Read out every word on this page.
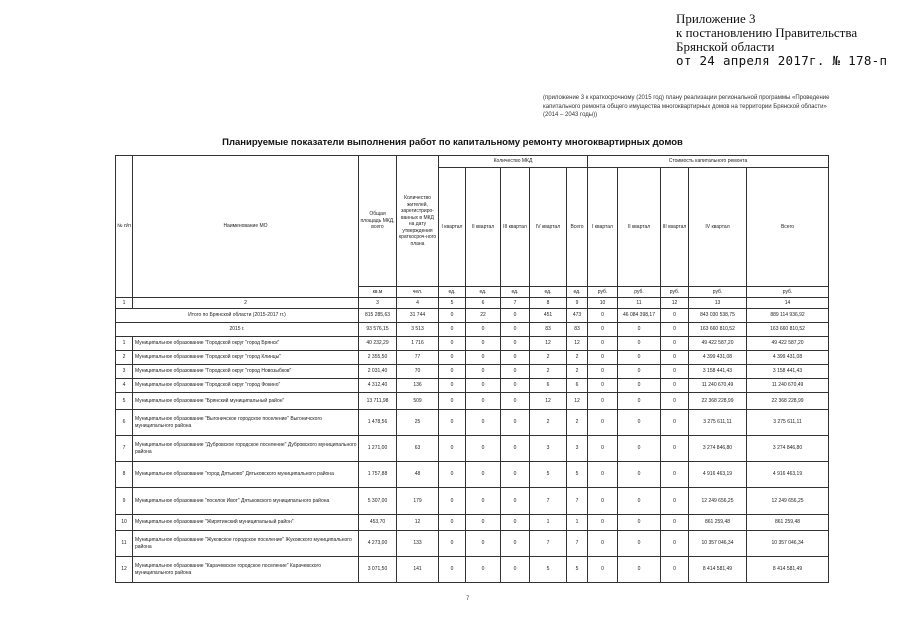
Приложение 3
к постановлению Правительства
Брянской области
от 24 апреля 2017г. № 178-п
(приложение 3 к краткосрочному (2015 год) плану реализации региональной программы «Проведение капитального ремонта общего имущества многоквартирных домов на территории Брянской области» (2014 – 2043 годы))
Планируемые показатели выполнения работ по капитальному ремонту многоквартирных домов
№ п/п	Наименование МО	Общая площадь МКД, всего	Количество жителей, зарегистриро-ванных в МКД на дату утверждения краткосроч-ного плана	Количество МКД					Стоимость капитального ремонта				
				I квартал	II квартал	III квартал	IV квартал	Всего	I квартал	II квартал	III квартал	IV квартал	Всего
		кв.м	чел.	ед.	ед.	ед.	ед.	ед.	руб.	руб.	руб.	руб.	руб.
1	2	3	4	5	6	7	8	9	10	11	12	13	14
Итого по Брянской области (2015-2017 гг.)		815 285,63	31 744	0	22	0	451	473	0	46 084 398,17	0	843 030 538,75	889 114 936,92
2015 г.		93 576,15	3 513	0	0	0	83	83	0	0	0	163 660 810,52	163 660 810,52
1	Муниципальное образование "Городской округ "город Брянск"	40 232,29	1 716	0	0	0	12	12	0	0	0	49 422 587,20	49 422 587,20
2	Муниципальное образование "Городской округ "город Клинцы"	2 355,50	77	0	0	0	2	2	0	0	0	4 399 431,08	4 399 431,08
3	Муниципальное образование "Городской округ "город Новозыбков"	2 031,40	70	0	0	0	2	2	0	0	0	3 158 441,43	3 158 441,43
4	Муниципальное образование "Городской округ "город Фокино"	4 312,40	136	0	0	0	6	6	0	0	0	11 240 670,49	11 240 670,49
5	Муниципальное образование "Брянский муниципальный район"	13 711,98	509	0	0	0	12	12	0	0	0	22 368 228,99	22 368 228,99
6	Муниципальное образование "Выгоничское городское поселение" Выгоничского муниципального района	1 478,56	25	0	0	0	2	2	0	0	0	3 275 611,11	3 275 611,11
7	Муниципальное образование "Дубровское городское поселение" Дубровского муниципального района	1 271,00	63	0	0	0	3	3	0	0	0	3 274 846,80	3 274 846,80
8	Муниципальное образование "город Дятьково" Дятьковского муниципального района	1 757,88	48	0	0	0	5	5	0	0	0	4 916 463,19	4 916 463,19
9	Муниципальное образование "поселок Ивот" Дятьковского муниципального района	5 307,00	179	0	0	0	7	7	0	0	0	12 249 656,25	12 249 656,25
10	Муниципальное образование "Жирятинский муниципальный район"	453,70	12	0	0	0	1	1	0	0	0	861 259,48	861 259,48
11	Муниципальное образование "Жуковское городское поселение" Жуковского муниципального района	4 273,00	133	0	0	0	7	7	0	0	0	10 357 046,34	10 357 046,34
12	Муниципальное образование "Карачевское городское поселение" Карачевского муниципального района	3 071,50	141	0	0	0	5	5	0	0	0	8 414 581,49	8 414 581,49
7
